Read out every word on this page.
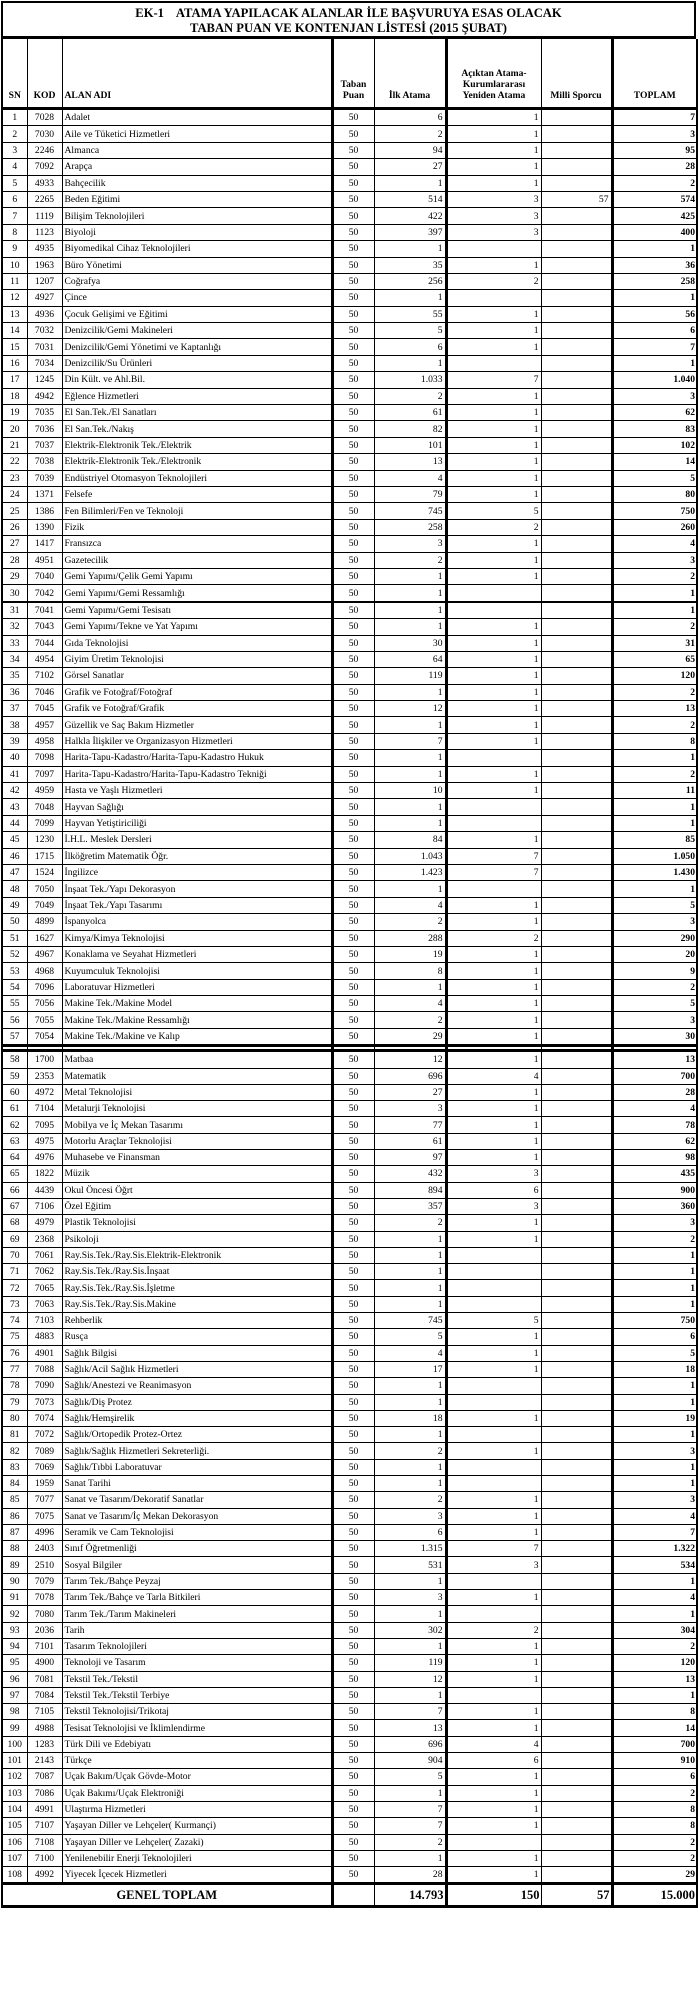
EK-1    ATAMA YAPILACAK ALANLAR İLE BAŞVURUYA ESAS OLACAK
TABAN PUAN VE KONTENJAN LİSTESİ (2015 ŞUBAT)
SN	KOD	ALAN ADI	Taban Puan	İlk Atama	Açıktan Atama-Kurumlararası Yeniden Atama	Milli Sporcu	TOPLAM
1	7028	Adalet	50	6	1		7
2	7030	Aile ve Tüketici Hizmetleri	50	2	1		3
3	2246	Almanca	50	94	1		95
4	7092	Arapça	50	27	1		28
5	4933	Bahçecilik	50	1	1		2
6	2265	Beden Eğitimi	50	514	3	57	574
7	1119	Bilişim Teknolojileri	50	422	3		425
8	1123	Biyoloji	50	397	3		400
9	4935	Biyomedikal Cihaz Teknolojileri	50	1			1
10	1963	Büro Yönetimi	50	35	1		36
11	1207	Coğrafya	50	256	2		258
12	4927	Çince	50	1			1
13	4936	Çocuk Gelişimi ve Eğitimi	50	55	1		56
14	7032	Denizcilik/Gemi Makineleri	50	5	1		6
15	7031	Denizcilik/Gemi Yönetimi ve Kaptanlığı	50	6	1		7
16	7034	Denizcilik/Su Ürünleri	50	1			1
17	1245	Din Kült. ve Ahl.Bil.	50	1.033	7		1.040
18	4942	Eğlence Hizmetleri	50	2	1		3
19	7035	El San.Tek./El Sanatları	50	61	1		62
20	7036	El San.Tek./Nakış	50	82	1		83
21	7037	Elektrik-Elektronik Tek./Elektrik	50	101	1		102
22	7038	Elektrik-Elektronik Tek./Elektronik	50	13	1		14
23	7039	Endüstriyel Otomasyon Teknolojileri	50	4	1		5
24	1371	Felsefe	50	79	1		80
25	1386	Fen Bilimleri/Fen ve Teknoloji	50	745	5		750
26	1390	Fizik	50	258	2		260
27	1417	Fransızca	50	3	1		4
28	4951	Gazetecilik	50	2	1		3
29	7040	Gemi Yapımı/Çelik Gemi Yapımı	50	1	1		2
30	7042	Gemi Yapımı/Gemi Ressamlığı	50	1			1
31	7041	Gemi Yapımı/Gemi Tesisatı	50	1			1
32	7043	Gemi Yapımı/Tekne ve Yat Yapımı	50	1	1		2
33	7044	Gıda Teknolojisi	50	30	1		31
34	4954	Giyim Üretim Teknolojisi	50	64	1		65
35	7102	Görsel Sanatlar	50	119	1		120
36	7046	Grafik ve Fotoğraf/Fotoğraf	50	1	1		2
37	7045	Grafik ve Fotoğraf/Grafik	50	12	1		13
38	4957	Güzellik ve Saç Bakım Hizmetler	50	1	1		2
39	4958	Halkla İlişkiler ve Organizasyon Hizmetleri	50	7	1		8
40	7098	Harita-Tapu-Kadastro/Harita-Tapu-Kadastro Hukuk	50	1			1
41	7097	Harita-Tapu-Kadastro/Harita-Tapu-Kadastro Tekniği	50	1	1		2
42	4959	Hasta ve Yaşlı Hizmetleri	50	10	1		11
43	7048	Hayvan Sağlığı	50	1			1
44	7099	Hayvan Yetiştiriciliği	50	1			1
45	1230	İ.H.L. Meslek Dersleri	50	84	1		85
46	1715	İlköğretim Matematik Öğr.	50	1.043	7		1.050
47	1524	İngilizce	50	1.423	7		1.430
48	7050	İnşaat Tek./Yapı Dekorasyon	50	1			1
49	7049	İnşaat Tek./Yapı Tasarımı	50	4	1		5
50	4899	İspanyolca	50	2	1		3
51	1627	Kimya/Kimya Teknolojisi	50	288	2		290
52	4967	Konaklama ve Seyahat Hizmetleri	50	19	1		20
53	4968	Kuyumculuk Teknolojisi	50	8	1		9
54	7096	Laboratuvar Hizmetleri	50	1	1		2
55	7056	Makine Tek./Makine Model	50	4	1		5
56	7055	Makine Tek./Makine Ressamlığı	50	2	1		3
57	7054	Makine Tek./Makine ve Kalıp	50	29	1		30

58	1700	Matbaa	50	12	1		13
59	2353	Matematik	50	696	4		700
60	4972	Metal Teknolojisi	50	27	1		28
61	7104	Metalurji Teknolojisi	50	3	1		4
62	7095	Mobilya ve İç Mekan Tasarımı	50	77	1		78
63	4975	Motorlu Araçlar Teknolojisi	50	61	1		62
64	4976	Muhasebe ve Finansman	50	97	1		98
65	1822	Müzik	50	432	3		435
66	4439	Okul Öncesi Öğrt	50	894	6		900
67	7106	Özel Eğitim	50	357	3		360
68	4979	Plastik Teknolojisi	50	2	1		3
69	2368	Psikoloji	50	1	1		2
70	7061	Ray.Sis.Tek./Ray.Sis.Elektrik-Elektronik	50	1			1
71	7062	Ray.Sis.Tek./Ray.Sis.İnşaat	50	1			1
72	7065	Ray.Sis.Tek./Ray.Sis.İşletme	50	1			1
73	7063	Ray.Sis.Tek./Ray.Sis.Makine	50	1			1
74	7103	Rehberlik	50	745	5		750
75	4883	Rusça	50	5	1		6
76	4901	Sağlık Bilgisi	50	4	1		5
77	7088	Sağlık/Acil Sağlık Hizmetleri	50	17	1		18
78	7090	Sağlık/Anestezi ve Reanimasyon	50	1			1
79	7073	Sağlık/Diş Protez	50	1			1
80	7074	Sağlık/Hemşirelik	50	18	1		19
81	7072	Sağlık/Ortopedik Protez-Ortez	50	1			1
82	7089	Sağlık/Sağlık Hizmetleri Sekreterliği.	50	2	1		3
83	7069	Sağlık/Tıbbi Laboratuvar	50	1			1
84	1959	Sanat Tarihi	50	1			1
85	7077	Sanat ve Tasarım/Dekoratif Sanatlar	50	2	1		3
86	7075	Sanat ve Tasarım/İç Mekan Dekorasyon	50	3	1		4
87	4996	Seramik ve Cam Teknolojisi	50	6	1		7
88	2403	Sınıf Öğretmenliği	50	1.315	7		1.322
89	2510	Sosyal Bilgiler	50	531	3		534
90	7079	Tarım Tek./Bahçe Peyzaj	50	1			1
91	7078	Tarım Tek./Bahçe ve Tarla Bitkileri	50	3	1		4
92	7080	Tarım Tek./Tarım Makineleri	50	1			1
93	2036	Tarih	50	302	2		304
94	7101	Tasarım Teknolojileri	50	1	1		2
95	4900	Teknoloji ve Tasarım	50	119	1		120
96	7081	Tekstil Tek./Tekstil	50	12	1		13
97	7084	Tekstil Tek./Tekstil Terbiye	50	1			1
98	7105	Tekstil Teknolojisi/Trikotaj	50	7	1		8
99	4988	Tesisat Teknolojisi ve İklimlendirme	50	13	1		14
100	1283	Türk Dili ve Edebiyatı	50	696	4		700
101	2143	Türkçe	50	904	6		910
102	7087	Uçak Bakım/Uçak Gövde-Motor	50	5	1		6
103	7086	Uçak Bakımı/Uçak Elektroniği	50	1	1		2
104	4991	Ulaştırma Hizmetleri	50	7	1		8
105	7107	Yaşayan Diller ve Lehçeler( Kurmançi)	50	7	1		8
106	7108	Yaşayan Diller ve Lehçeler( Zazaki)	50	2			2
107	7100	Yenilenebilir Enerji Teknolojileri	50	1	1		2
108	4992	Yiyecek İçecek Hizmetleri	50	28	1		29
GENEL TOPLAM				14.793	150	57	15.000
